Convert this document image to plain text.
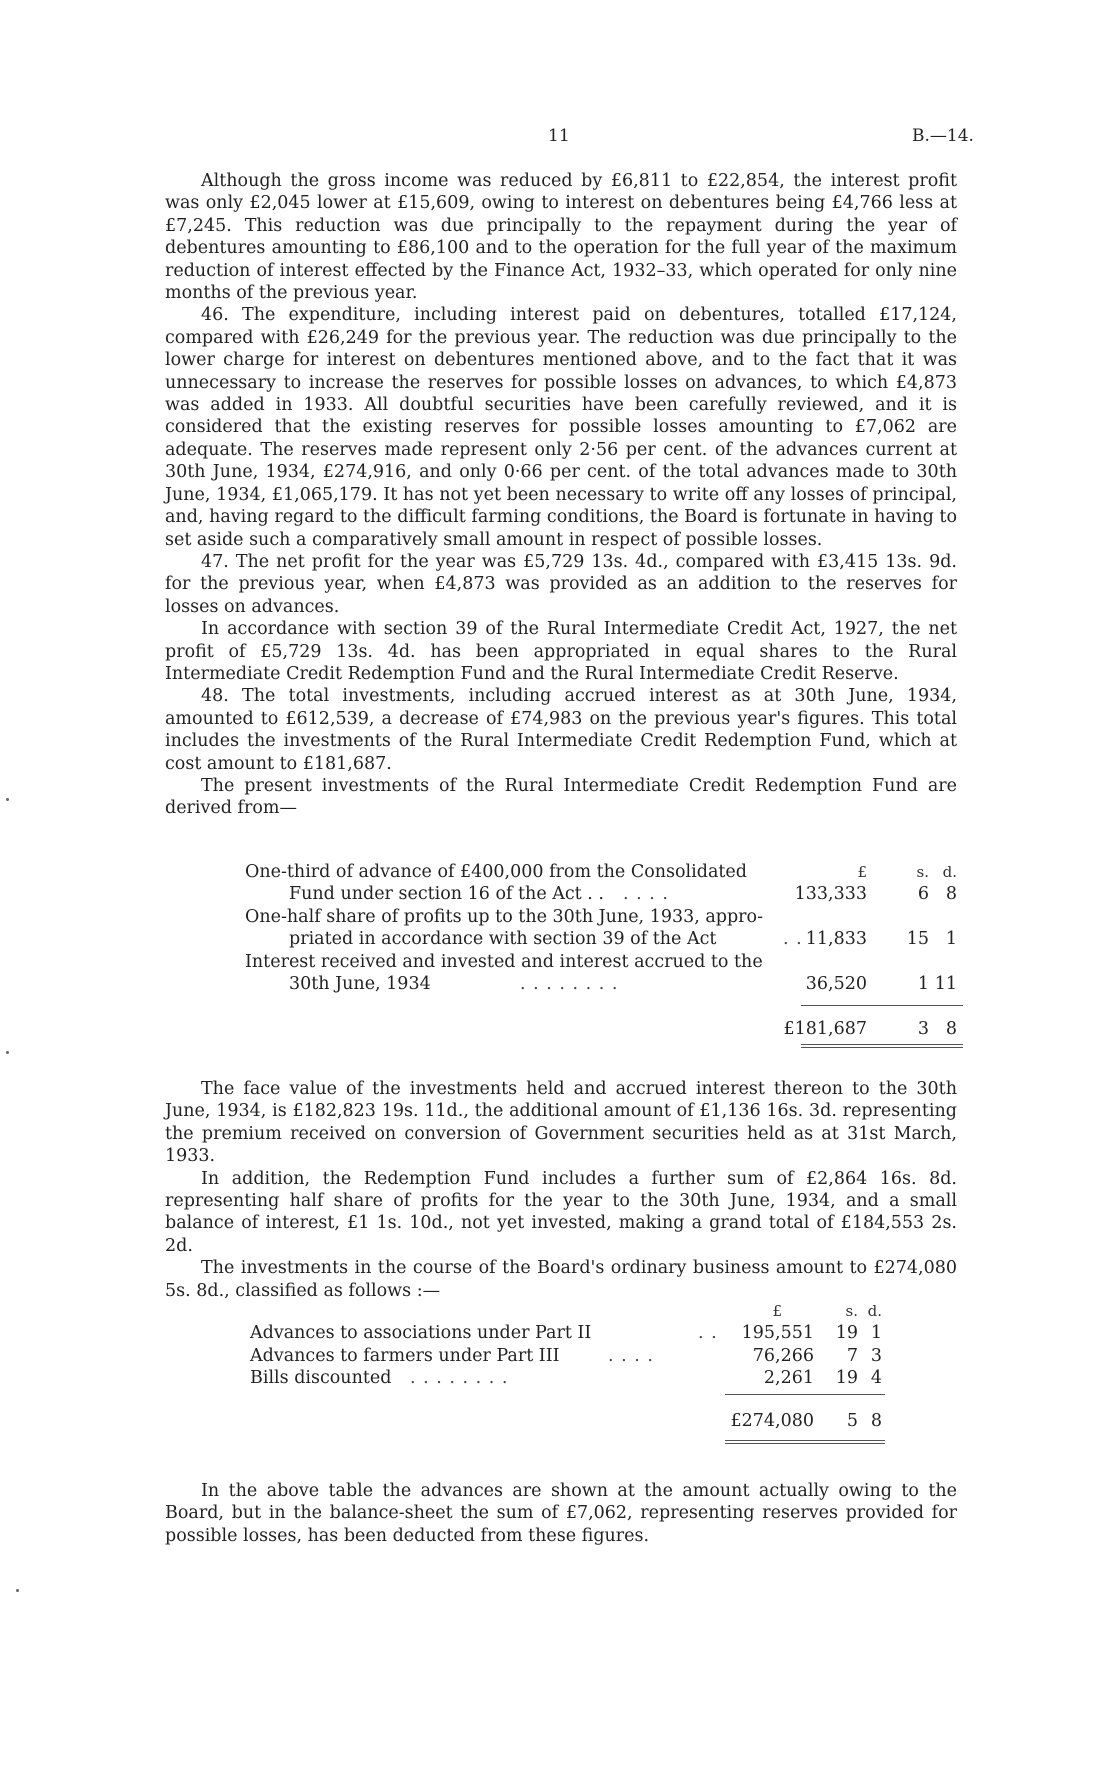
11	B.—14.

Although the gross income was reduced by £6,811 to £22,854, the interest profit was only £2,045 lower at £15,609, owing to interest on debentures being £4,766 less at £7,245. This reduction was due principally to the repayment during the year of debentures amounting to £86,100 and to the operation for the full year of the maximum reduction of interest effected by the Finance Act, 1932–33, which operated for only nine months of the previous year.

46. The expenditure, including interest paid on debentures, totalled £17,124, compared with £26,249 for the previous year. The reduction was due principally to the lower charge for interest on debentures mentioned above, and to the fact that it was unnecessary to increase the reserves for possible losses on advances, to which £4,873 was added in 1933. All doubtful securities have been carefully reviewed, and it is considered that the existing reserves for possible losses amounting to £7,062 are adequate. The reserves made represent only 2·56 per cent. of the advances current at 30th June, 1934, £274,916, and only 0·66 per cent. of the total advances made to 30th June, 1934, £1,065,179. It has not yet been necessary to write off any losses of principal, and, having regard to the difficult farming conditions, the Board is fortunate in having to set aside such a comparatively small amount in respect of possible losses.

47. The net profit for the year was £5,729 13s. 4d., compared with £3,415 13s. 9d. for the previous year, when £4,873 was provided as an addition to the reserves for losses on advances.

In accordance with section 39 of the Rural Intermediate Credit Act, 1927, the net profit of £5,729 13s. 4d. has been appropriated in equal shares to the Rural Intermediate Credit Redemption Fund and the Rural Intermediate Credit Reserve.

48. The total investments, including accrued interest as at 30th June, 1934, amounted to £612,539, a decrease of £74,983 on the previous year's figures. This total includes the investments of the Rural Intermediate Credit Redemption Fund, which at cost amount to £181,687.

The present investments of the Rural Intermediate Credit Redemption Fund are derived from—

One-third of advance of £400,000 from the Consolidated	£	s. d.
Fund under section 16 of the Act . . . . . .	133,333	6 8
One-half share of profits up to the 30th June, 1933, appro-
priated in accordance with section 39 of the Act	. . 11,833	15 1
Interest received and invested and interest accrued to the
30th June, 1934	. . . . . . . .	36,520	1 11
£181,687	3 8

The face value of the investments held and accrued interest thereon to the 30th June, 1934, is £182,823 19s. 11d., the additional amount of £1,136 16s. 3d. representing the premium received on conversion of Government securities held as at 31st March, 1933.

In addition, the Redemption Fund includes a further sum of £2,864 16s. 8d. representing half share of profits for the year to the 30th June, 1934, and a small balance of interest, £1 1s. 10d., not yet invested, making a grand total of £184,553 2s. 2d.

The investments in the course of the Board's ordinary business amount to £274,080 5s. 8d., classified as follows :—

£	s. d.
Advances to associations under Part II	. .	195,551	19 1
Advances to farmers under Part III	. . . .	76,266	7 3
Bills discounted . . . . . . . .	2,261	19 4
£274,080	5 8

In the above table the advances are shown at the amount actually owing to the Board, but in the balance-sheet the sum of £7,062, representing reserves provided for possible losses, has been deducted from these figures.
